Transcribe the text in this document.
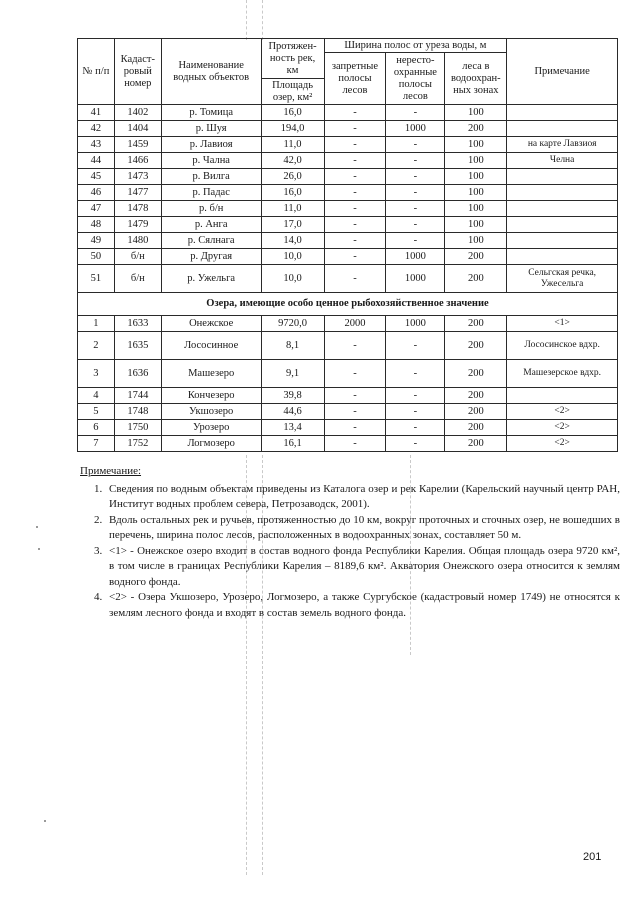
№ п/п	Кадаст-ровый номер	Наименование водных объектов	Протяжен-ность рек, км	Ширина полос от уреза воды, м			Примечание
				запретные полосы лесов	нересто-охранные полосы лесов	леса в водоохран-ных зонах	
			Площадь озер, км²				
41	1402	р. Томица	16,0	-	-	100	
42	1404	р. Шуя	194,0	-	1000	200	
43	1459	р. Лавиоя	11,0	-	-	100	на карте Лавзиоя
44	1466	р. Чална	42,0	-	-	100	Челна
45	1473	р. Вилга	26,0	-	-	100	
46	1477	р. Падас	16,0	-	-	100	
47	1478	р. б/н	11,0	-	-	100	
48	1479	р. Анга	17,0	-	-	100	
49	1480	р. Сялнага	14,0	-	-	100	
50	б/н	р. Другая	10,0	-	1000	200	
51	б/н	р. Ужельга	10,0	-	1000	200	Сельгская речка, Ужесельга
Озера, имеющие особо ценное рыбохозяйственное значение							
1	1633	Онежское	9720,0	2000	1000	200	<1>
2	1635	Лососинное	8,1	-	-	200	Лососинское вдхр.
3	1636	Машезеро	9,1	-	-	200	Машезерское вдхр.
4	1744	Кончезеро	39,8	-	-	200	
5	1748	Укшозеро	44,6	-	-	200	<2>
6	1750	Урозеро	13,4	-	-	200	<2>
7	1752	Логмозеро	16,1	-	-	200	<2>
Примечание:
1. Сведения по водным объектам приведены из Каталога озер и рек Карелии (Карельский научный центр РАН, Институт водных проблем севера, Петрозаводск, 2001).
2. Вдоль остальных рек и ручьев, протяженностью до 10 км, вокруг проточных и сточных озер, не вошедших в перечень, ширина полос лесов, расположенных в водоохранных зонах, составляет 50 м.
3. <1> - Онежское озеро входит в состав водного фонда Республики Карелия. Общая площадь озера 9720 км², в том числе в границах Республики Карелия – 8189,6 км². Акватория Онежского озера относится к землям водного фонда.
4. <2> - Озера Укшозеро, Урозеро, Логмозеро, а также Сургубское (кадастровый номер 1749) не относятся к землям лесного фонда и входят в состав земель водного фонда.
201
